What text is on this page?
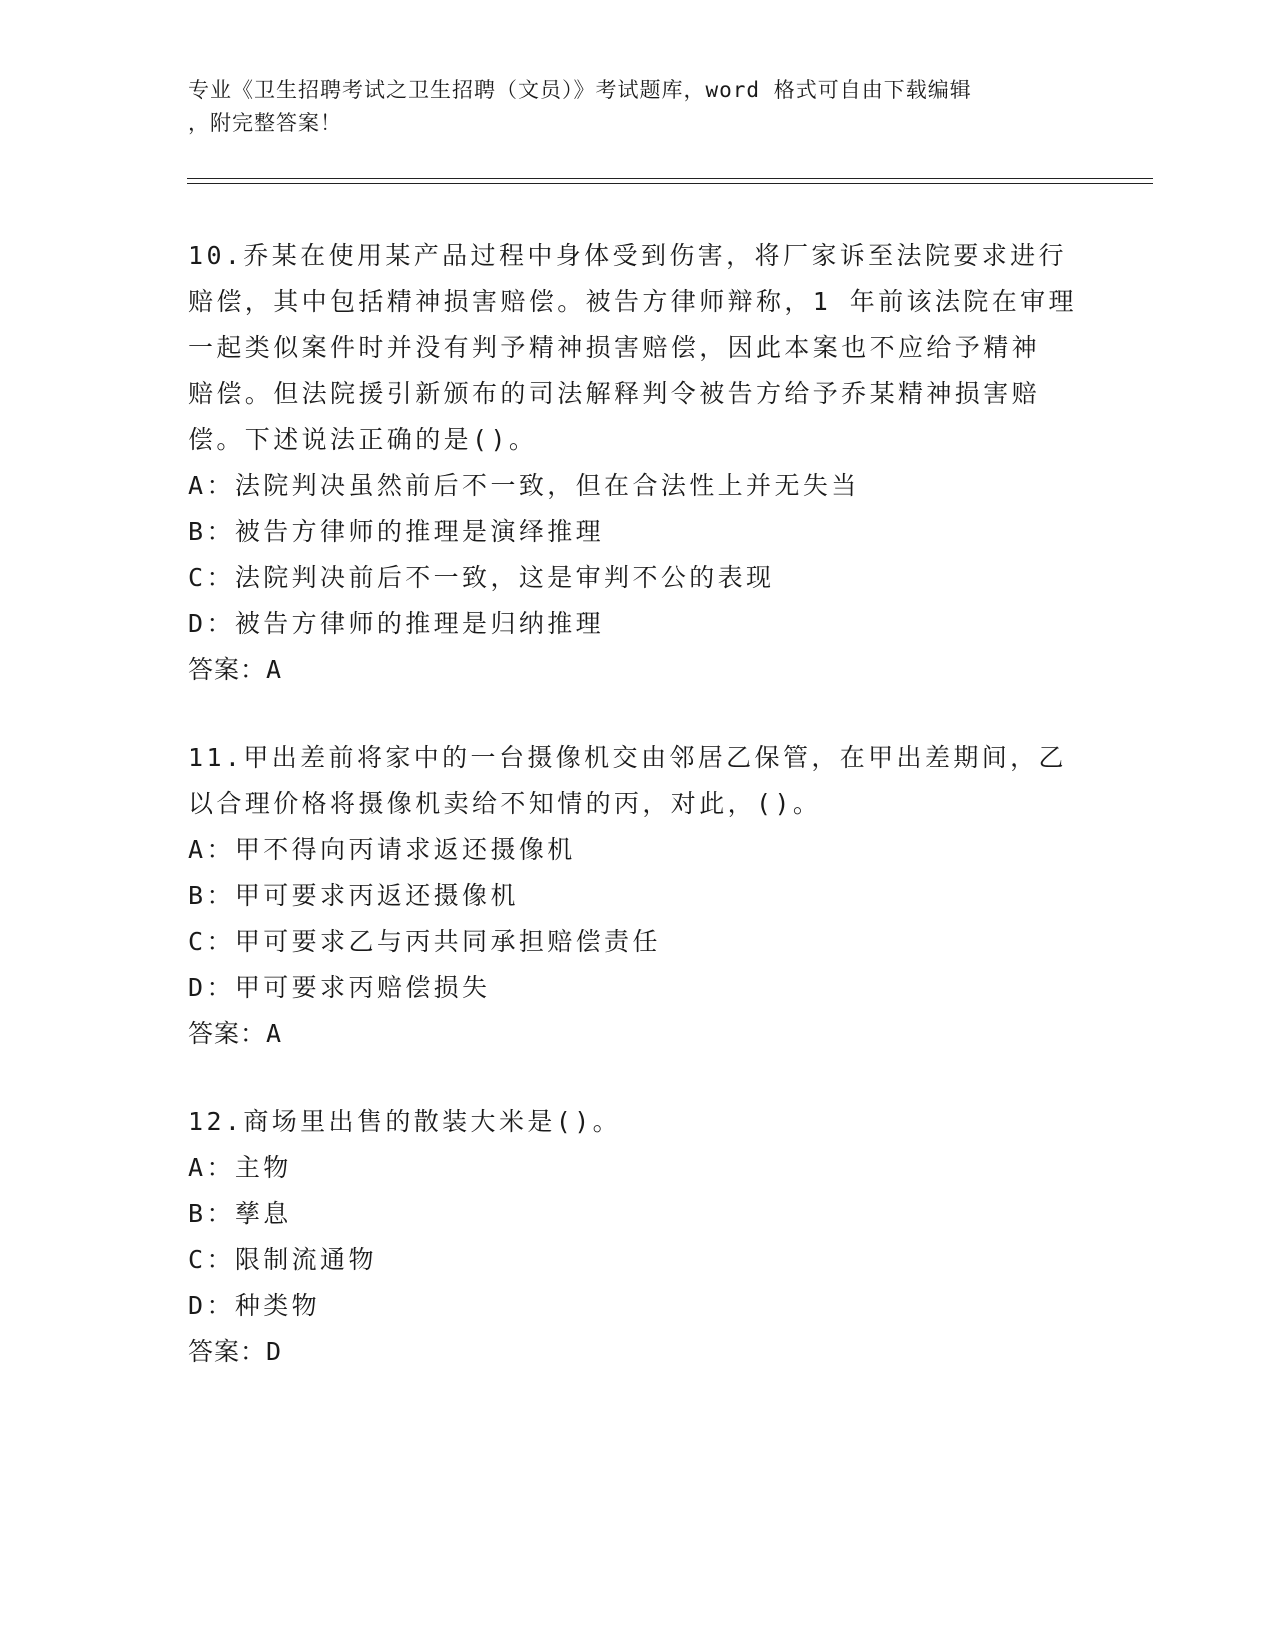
专业《卫生招聘考试之卫生招聘（文员）》考试题库，word 格式可自由下载编辑
，附完整答案！
10.乔某在使用某产品过程中身体受到伤害，将厂家诉至法院要求进行
赔偿，其中包括精神损害赔偿。被告方律师辩称，1 年前该法院在审理
一起类似案件时并没有判予精神损害赔偿，因此本案也不应给予精神
赔偿。但法院援引新颁布的司法解释判令被告方给予乔某精神损害赔
偿。下述说法正确的是()。
A：法院判决虽然前后不一致，但在合法性上并无失当
B：被告方律师的推理是演绎推理
C：法院判决前后不一致，这是审判不公的表现
D：被告方律师的推理是归纳推理
答案：A
11.甲出差前将家中的一台摄像机交由邻居乙保管，在甲出差期间，乙
以合理价格将摄像机卖给不知情的丙，对此，()。
A：甲不得向丙请求返还摄像机
B：甲可要求丙返还摄像机
C：甲可要求乙与丙共同承担赔偿责任
D：甲可要求丙赔偿损失
答案：A
12.商场里出售的散装大米是()。
A：主物
B：孳息
C：限制流通物
D：种类物
答案：D
